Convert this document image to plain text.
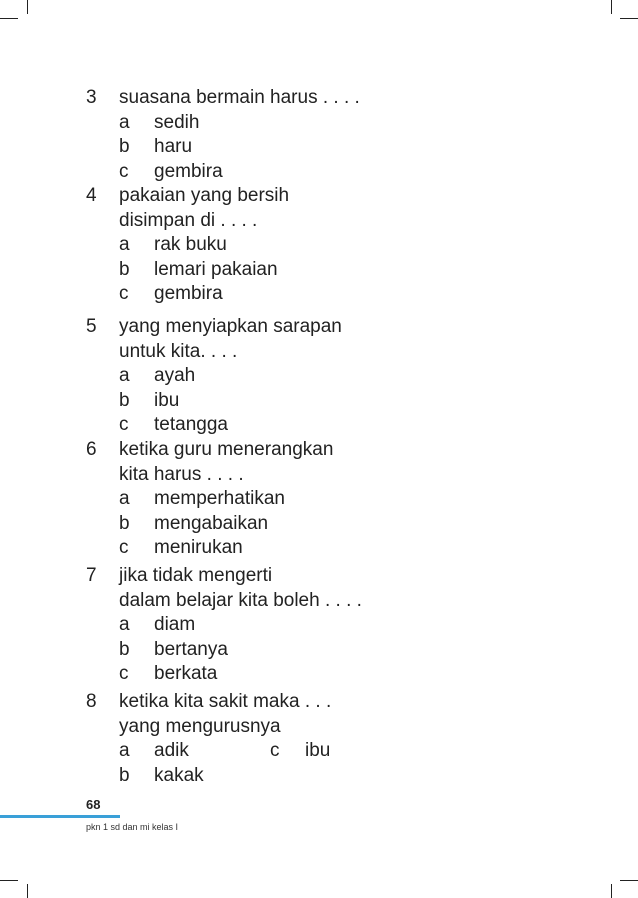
3 suasana bermain harus . . . .
a sedih
b haru
c gembira
4 pakaian yang bersih
disimpan di . . . .
a rak buku
b lemari pakaian
c gembira
5 yang menyiapkan sarapan
untuk kita. . . .
a ayah
b ibu
c tetangga
6 ketika guru menerangkan
kita harus . . . .
a memperhatikan
b mengabaikan
c menirukan
7 jika tidak mengerti
dalam belajar kita boleh . . . .
a diam
b bertanya
c berkata
8 ketika kita sakit maka . . .
yang mengurusnya
a adik	c ibu
b kakak
68
pkn 1 sd dan mi kelas I
